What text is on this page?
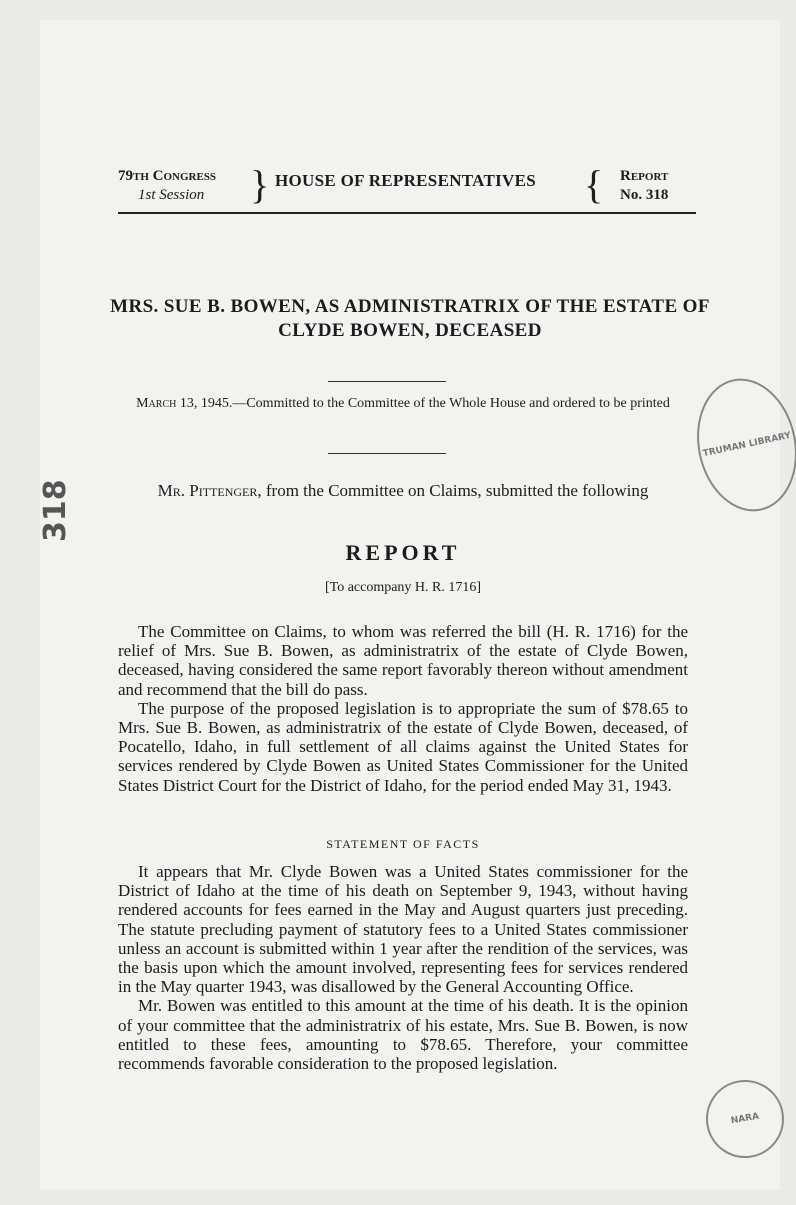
79th Congress
1st Session	} HOUSE OF REPRESENTATIVES { Report
No. 318
MRS. SUE B. BOWEN, AS ADMINISTRATRIX OF THE ESTATE OF CLYDE BOWEN, DECEASED
March 13, 1945.—Committed to the Committee of the Whole House and ordered to be printed
Mr. Pittenger, from the Committee on Claims, submitted the following
REPORT
[To accompany H. R. 1716]

The Committee on Claims, to whom was referred the bill (H. R. 1716) for the relief of Mrs. Sue B. Bowen, as administratrix of the estate of Clyde Bowen, deceased, having considered the same report favorably thereon without amendment and recommend that the bill do pass.

The purpose of the proposed legislation is to appropriate the sum of $78.65 to Mrs. Sue B. Bowen, as administratrix of the estate of Clyde Bowen, deceased, of Pocatello, Idaho, in full settlement of all claims against the United States for services rendered by Clyde Bowen as United States Commissioner for the United States District Court for the District of Idaho, for the period ended May 31, 1943.

STATEMENT OF FACTS

It appears that Mr. Clyde Bowen was a United States commissioner for the District of Idaho at the time of his death on September 9, 1943, without having rendered accounts for fees earned in the May and August quarters just preceding. The statute precluding payment of statutory fees to a United States commissioner unless an account is submitted within 1 year after the rendition of the services, was the basis upon which the amount involved, representing fees for services rendered in the May quarter 1943, was disallowed by the General Accounting Office.

Mr. Bowen was entitled to this amount at the time of his death. It is the opinion of your committee that the administratrix of his estate, Mrs. Sue B. Bowen, is now entitled to these fees, amounting to $78.65. Therefore, your committee recommends favorable consideration to the proposed legislation.

318
TRUMAN LIBRARY
NARA
